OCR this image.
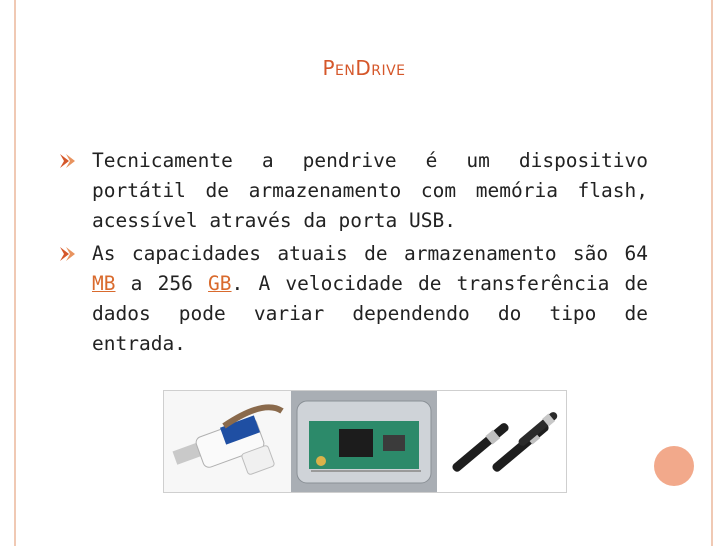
PENDRIVE
Tecnicamente a pendrive é um dispositivo portátil de armazenamento com memória flash, acessível através da porta USB.
As capacidades atuais de armazenamento são 64 MB a 256 GB. A velocidade de transferência de dados pode variar dependendo do tipo de entrada.
